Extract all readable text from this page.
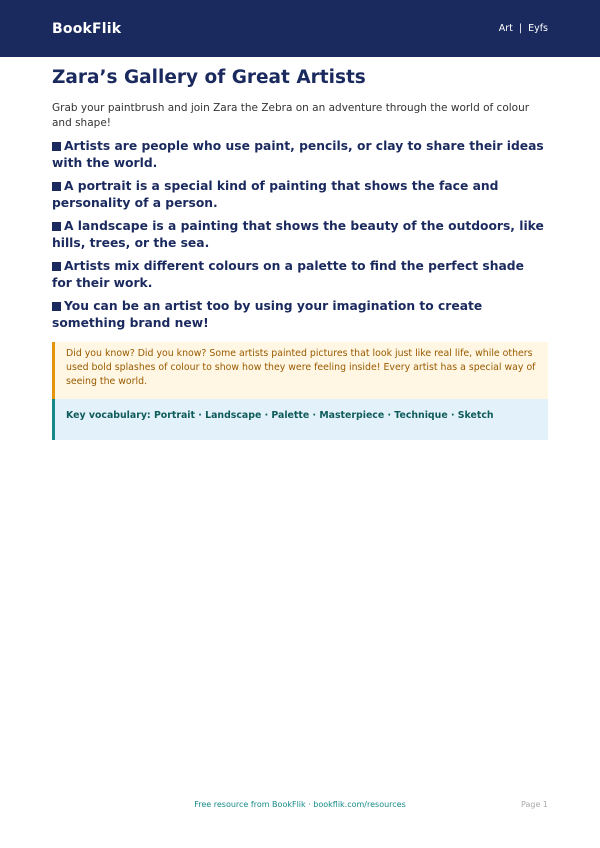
BookFlik	Art | Eyfs
Zara’s Gallery of Great Artists

Grab your paintbrush and join Zara the Zebra on an adventure through the world of colour and shape!

Artists are people who use paint, pencils, or clay to share their ideas with the world.
A portrait is a special kind of painting that shows the face and personality of a person.
A landscape is a painting that shows the beauty of the outdoors, like hills, trees, or the sea.
Artists mix different colours on a palette to find the perfect shade for their work.
You can be an artist too by using your imagination to create something brand new!
Did you know? Did you know? Some artists painted pictures that look just like real life, while others used bold splashes of colour to show how they were feeling inside! Every artist has a special way of seeing the world.
Key vocabulary: Portrait · Landscape · Palette · Masterpiece · Technique · Sketch
Free resource from BookFlik · bookflik.com/resources	Page 1
